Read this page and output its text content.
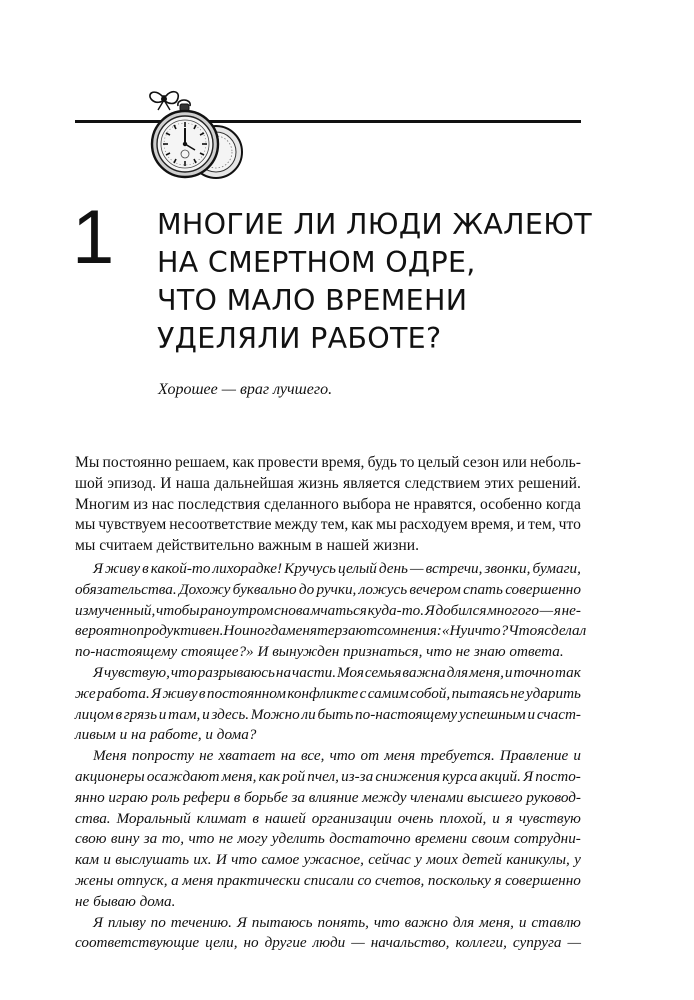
1 МНОГИЕ ЛИ ЛЮДИ ЖАЛЕЮТ
НА СМЕРТНОМ ОДРЕ,
ЧТО МАЛО ВРЕМЕНИ
УДЕЛЯЛИ РАБОТЕ?
Хорошее — враг лучшего.
Мы постоянно решаем, как провести время, будь то целый сезон или неболь-
шой эпизод. И наша дальнейшая жизнь является следствием этих решений.
Многим из нас последствия сделанного выбора не нравятся, особенно когда
мы чувствуем несоответствие между тем, как мы расходуем время, и тем, что
мы считаем действительно важным в нашей жизни.
Я живу в какой-то лихорадке! Кручусь целый день — встречи, звонки, бумаги,
обязательства. Дохожу буквально до ручки, ложусь вечером спать совершенно
измученный, чтобы рано утром снова мчаться куда-то. Я добился многого — я не-
вероятно продуктивен. Но иногда меня терзают сомнения: «Ну и что? Что я сделал
по-настоящему стоящее?» И вынужден признаться, что не знаю ответа.
Я чувствую, что разрываюсь на части. Моя семья важна для меня, и точно так
же работа. Я живу в постоянном конфликте с самим собой, пытаясь не ударить
лицом в грязь и там, и здесь. Можно ли быть по-настоящему успешным и счаст-
ливым и на работе, и дома?
Меня попросту не хватает на все, что от меня требуется. Правление и
акционеры осаждают меня, как рой пчел, из-за снижения курса акций. Я посто-
янно играю роль рефери в борьбе за влияние между членами высшего руковод-
ства. Моральный климат в нашей организации очень плохой, и я чувствую
свою вину за то, что не могу уделить достаточно времени своим сотрудни-
кам и выслушать их. И что самое ужасное, сейчас у моих детей каникулы, у
жены отпуск, а меня практически списали со счетов, поскольку я совершенно
не бываю дома.
Я плыву по течению. Я пытаюсь понять, что важно для меня, и ставлю
соответствующие цели, но другие люди — начальство, коллеги, супруга —
